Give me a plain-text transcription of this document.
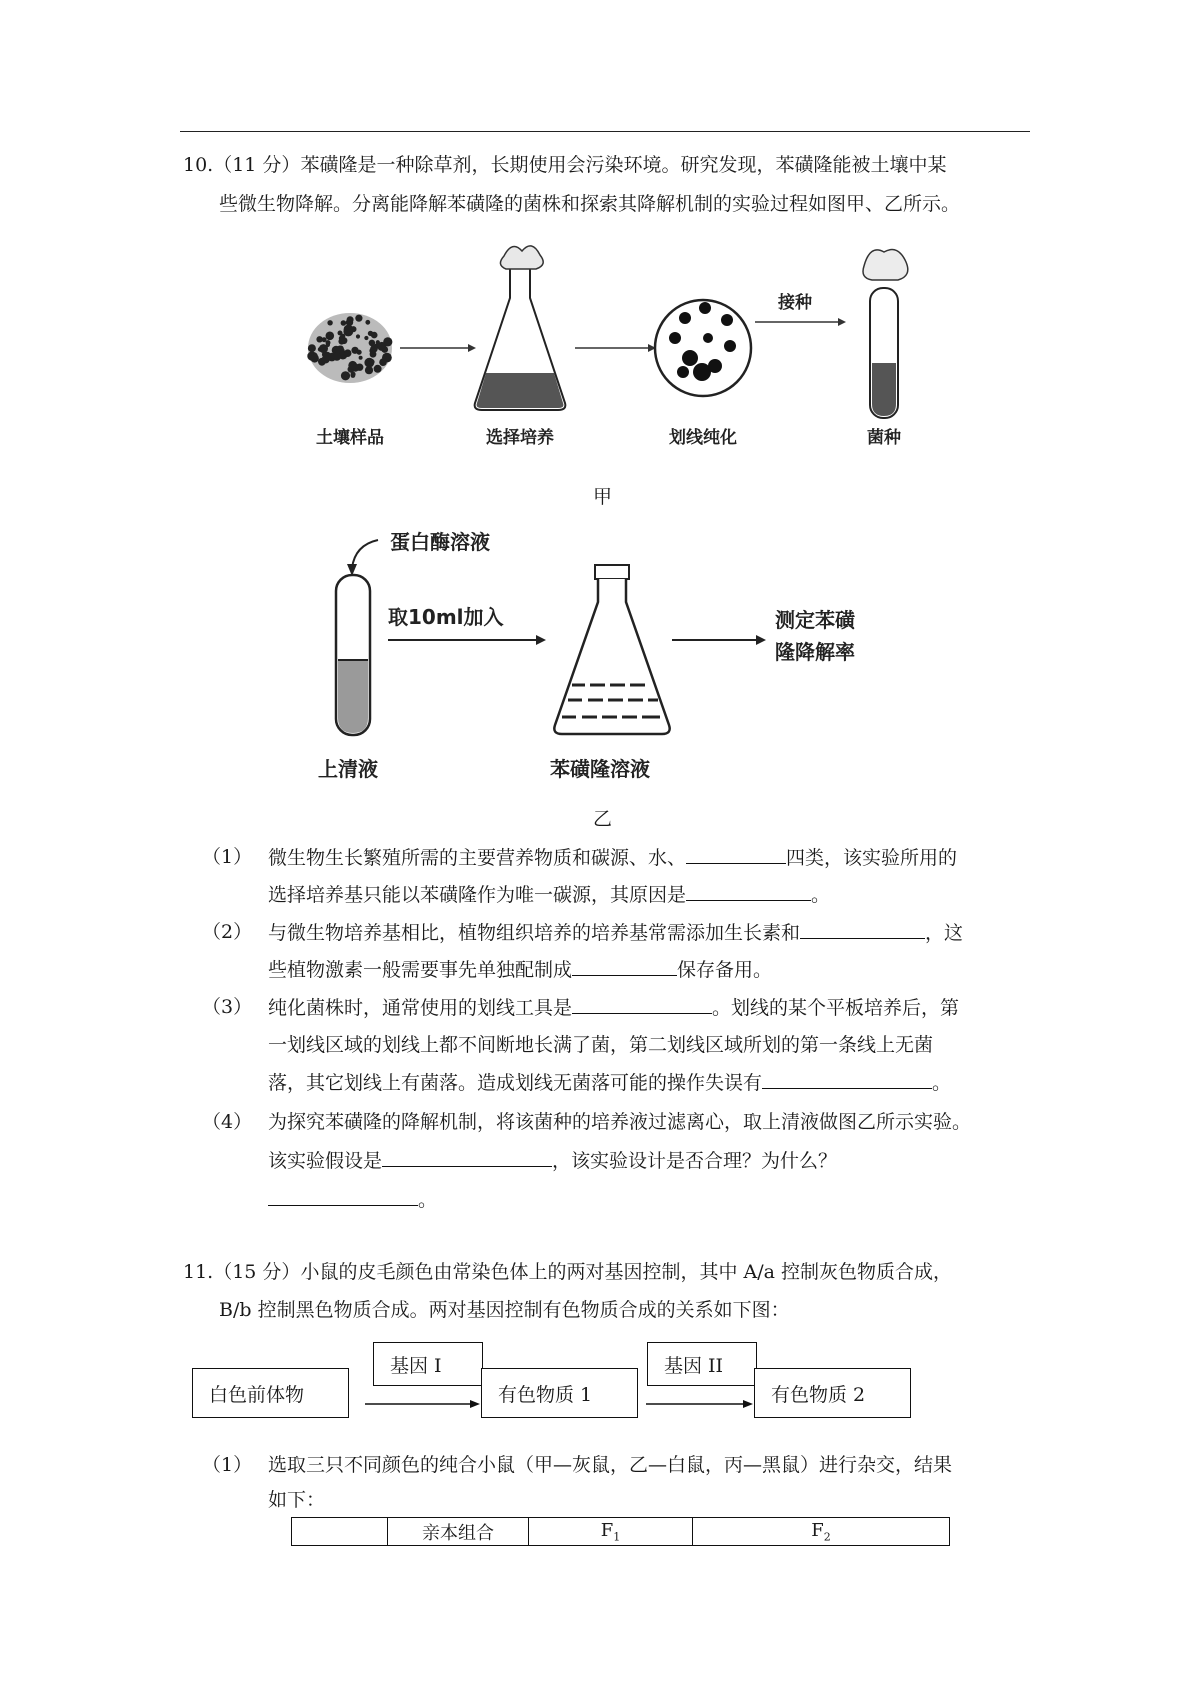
10.（11 分）苯磺隆是一种除草剂，长期使用会污染环境。研究发现，苯磺隆能被土壤中某
些微生物降解。分离能降解苯磺隆的菌株和探索其降解机制的实验过程如图甲、乙所示。
接种
土壤样品	选择培养	划线纯化	菌种
甲
蛋白酶溶液
上清液
取10ml加入
苯磺隆溶液
测定苯磺
隆降解率
乙
（1） 微生物生长繁殖所需的主要营养物质和碳源、水、	四类，该实验所用的
选择培养基只能以苯磺隆作为唯一碳源，其原因是	。
（2） 与微生物培养基相比，植物组织培养的培养基常需添加生长素和	，这
些植物激素一般需要事先单独配制成	保存备用。
（3） 纯化菌株时，通常使用的划线工具是	。划线的某个平板培养后，第
一划线区域的划线上都不间断地长满了菌，第二划线区域所划的第一条线上无菌
落，其它划线上有菌落。造成划线无菌落可能的操作失误有	。
（4） 为探究苯磺隆的降解机制，将该菌种的培养液过滤离心，取上清液做图乙所示实验。
该实验假设是	，该实验设计是否合理？为什么？
。
11.（15 分）小鼠的皮毛颜色由常染色体上的两对基因控制，其中 A/a 控制灰色物质合成，
B/b 控制黑色物质合成。两对基因控制有色物质合成的关系如下图：
白色前体物
基因 I
有色物质 1
基因 II
有色物质 2
（1） 选取三只不同颜色的纯合小鼠（甲—灰鼠，乙—白鼠，丙—黑鼠）进行杂交，结果
如下：
	亲本组合	$F_1$	$F_2$
